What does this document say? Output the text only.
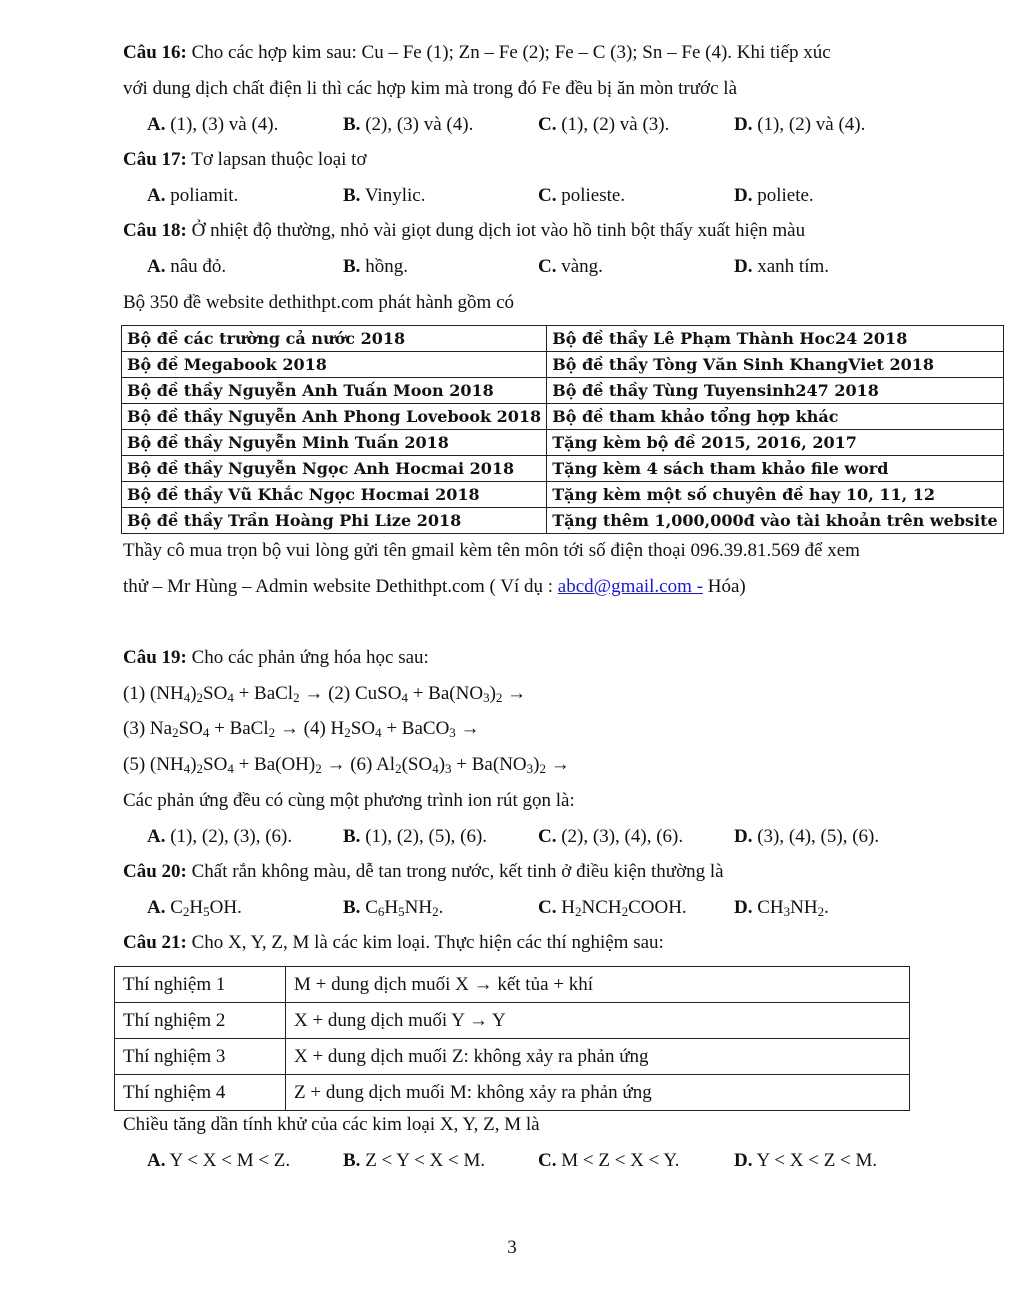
Câu 16: Cho các hợp kim sau: Cu – Fe (1); Zn – Fe (2); Fe – C (3); Sn – Fe (4). Khi tiếp xúc
với dung dịch chất điện li thì các hợp kim mà trong đó Fe đều bị ăn mòn trước là
A. (1), (3) và (4).	B. (2), (3) và (4).	C. (1), (2) và (3).	D. (1), (2) và (4).
Câu 17: Tơ lapsan thuộc loại tơ
A. poliamit.	B. Vinylic.	C. polieste.	D. poliete.
Câu 18: Ở nhiệt độ thường, nhỏ vài giọt dung dịch iot vào hồ tinh bột thấy xuất hiện màu
A. nâu đỏ.	B. hồng.	C. vàng.	D. xanh tím.
Bộ 350 đề website dethithpt.com phát hành gồm có
Bộ đề các trường cả nước 2018	Bộ đề thầy Lê Phạm Thành Hoc24 2018
Bộ đề Megabook 2018	Bộ đề thầy Tòng Văn Sinh KhangViet 2018
Bộ đề thầy Nguyễn Anh Tuấn Moon 2018	Bộ đề thầy Tùng Tuyensinh247 2018
Bộ đề thầy Nguyễn Anh Phong Lovebook 2018	Bộ đề tham khảo tổng hợp khác
Bộ đề thầy Nguyễn Minh Tuấn 2018	Tặng kèm bộ đề 2015, 2016, 2017
Bộ đề thầy Nguyễn Ngọc Anh Hocmai 2018	Tặng kèm 4 sách tham khảo file word
Bộ đề thầy Vũ Khắc Ngọc Hocmai 2018	Tặng kèm một số chuyên đề hay 10, 11, 12
Bộ đề thầy Trần Hoàng Phi Lize 2018	Tặng thêm 1,000,000đ vào tài khoản trên website
Thầy cô mua trọn bộ vui lòng gửi tên gmail kèm tên môn tới số điện thoại 096.39.81.569 để xem
thử – Mr Hùng – Admin website Dethithpt.com ( Ví dụ : abcd@gmail.com - Hóa)
Câu 19: Cho các phản ứng hóa học sau:
(1) $(NH_4)_2SO_4$ + BaCl$_2$ → (2) CuSO$_4$ + $Ba(NO_3)_2$ →
(3) $Na_2SO_4$ + BaCl$_2$ → (4) $H_2SO_4$ + BaCO$_3$ →
(5) $(NH_4)_2SO_4 + Ba(OH)_2 \to (6) Al_2(SO_4)_3 + Ba(NO_3)_2$ →
Các phản ứng đều có cùng một phương trình ion rút gọn là:
A. (1), (2), (3), (6).	B. (1), (2), (5), (6).	C. (2), (3), (4), (6).	D. (3), (4), (5), (6).
Câu 20: Chất rắn không màu, dễ tan trong nước, kết tinh ở điều kiện thường là
A. $C_2H_5OH$.	B. $C_6H_5NH_2$.	C. $H_2NCH_2COOH$. D. $CH_3NH_2$.
Câu 21: Cho X, Y, Z, M là các kim loại. Thực hiện các thí nghiệm sau:
Thí nghiệm 1	M + dung dịch muối X → kết tủa + khí
Thí nghiệm 2	X + dung dịch muối Y → Y
Thí nghiệm 3	X + dung dịch muối Z: không xảy ra phản ứng
Thí nghiệm 4	Z + dung dịch muối M: không xảy ra phản ứng
Chiều tăng dần tính khử của các kim loại X, Y, Z, M là
A. Y < X < M < Z.	B. Z < Y < X < M.	C. M < Z < X < Y.	D. Y < X < Z < M.
3
